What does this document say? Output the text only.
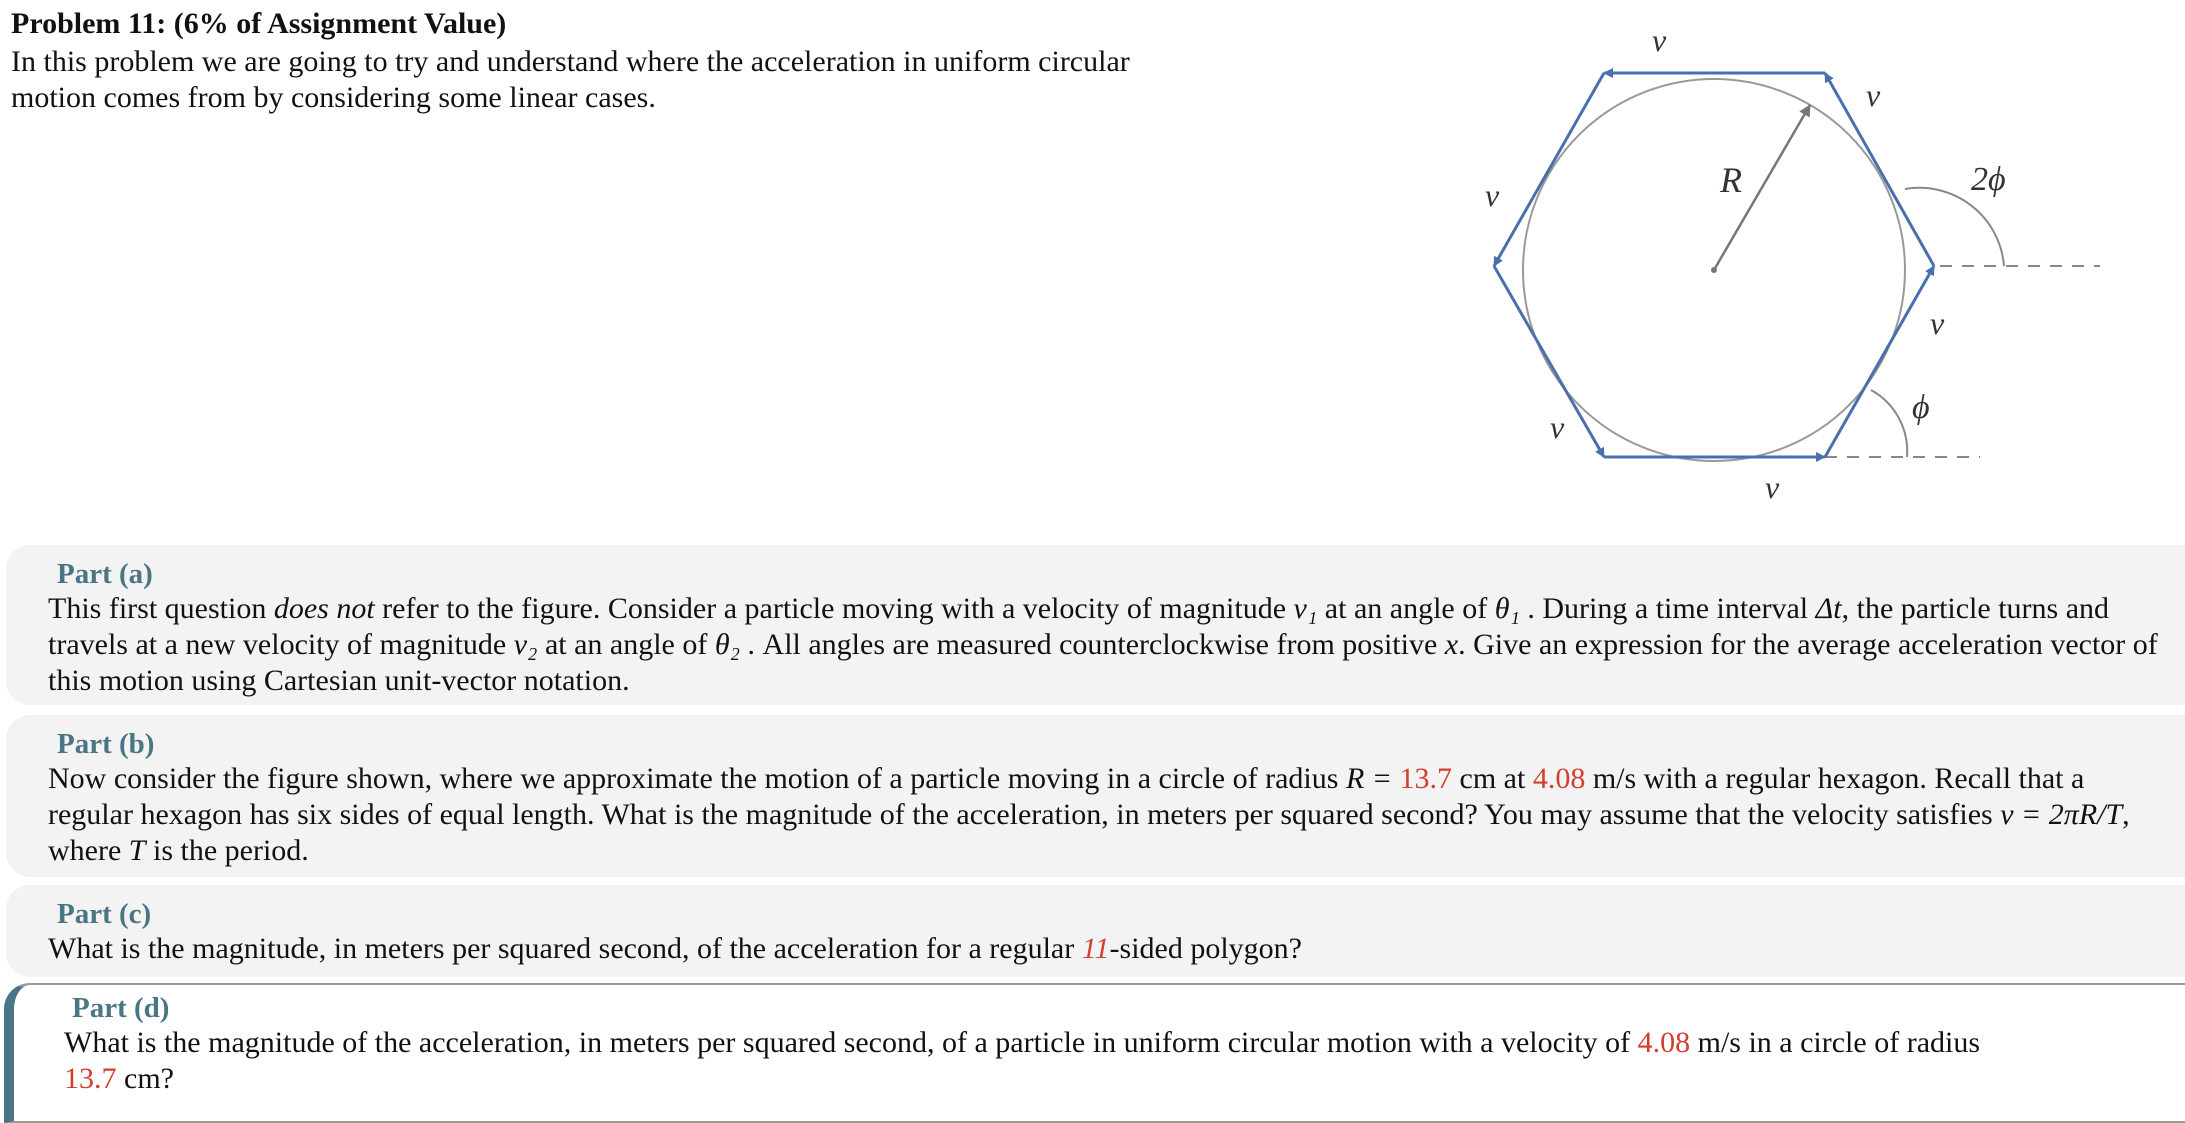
Problem 11: (6% of Assignment Value)
In this problem we are going to try and understand where the acceleration in uniform circular
motion comes from by considering some linear cases.
v
v
v	R	2ϕ
v
ϕ
v
v
Part (a)
This first question does not refer to the figure. Consider a particle moving with a velocity of magnitude v₁ at an angle of θ₁ . During a time interval Δt, the particle turns and travels at a new velocity of magnitude v₂ at an angle of θ₂ . All angles are measured counterclockwise from positive x. Give an expression for the average acceleration vector of this motion using Cartesian unit-vector notation.
Part (b)
Now consider the figure shown, where we approximate the motion of a particle moving in a circle of radius R = 13.7 cm at 4.08 m/s with a regular hexagon. Recall that a regular hexagon has six sides of equal length. What is the magnitude of the acceleration, in meters per squared second? You may assume that the velocity satisfies v = 2πR/T, where T is the period.
Part (c)
What is the magnitude, in meters per squared second, of the acceleration for a regular 11-sided polygon?
Part (d)
What is the magnitude of the acceleration, in meters per squared second, of a particle in uniform circular motion with a velocity of 4.08 m/s in a circle of radius
13.7 cm?
